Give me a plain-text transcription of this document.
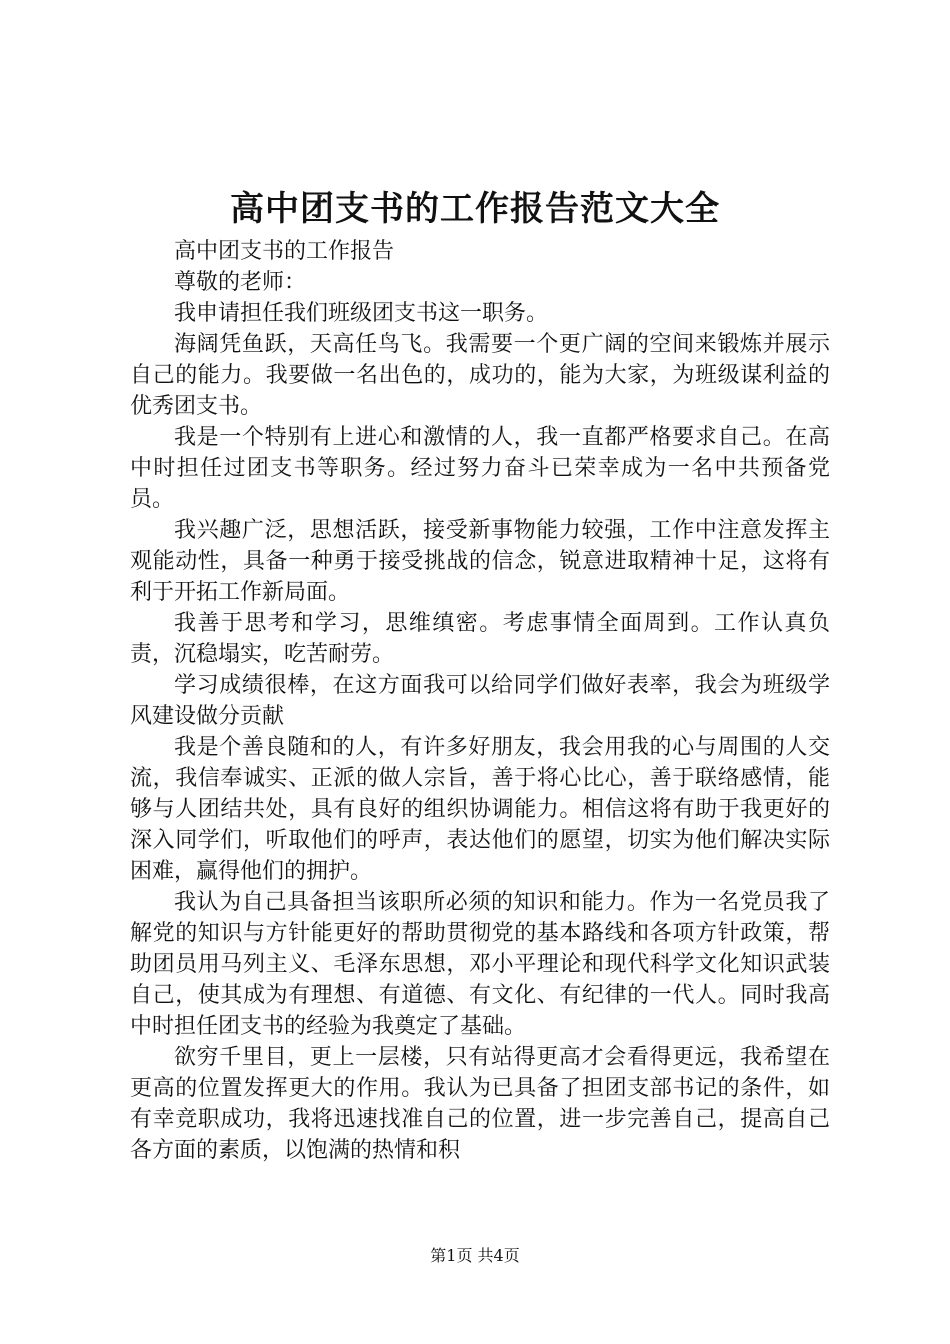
高中团支书的工作报告范文大全

高中团支书的工作报告

尊敬的老师：

我申请担任我们班级团支书这一职务。

海阔凭鱼跃，天高任鸟飞。我需要一个更广阔的空间来锻炼并展示自己的能力。我要做一名出色的，成功的，能为大家，为班级谋利益的优秀团支书。

我是一个特别有上进心和激情的人，我一直都严格要求自己。在高中时担任过团支书等职务。经过努力奋斗已荣幸成为一名中共预备党员。

我兴趣广泛，思想活跃，接受新事物能力较强，工作中注意发挥主观能动性，具备一种勇于接受挑战的信念，锐意进取精神十足，这将有利于开拓工作新局面。

我善于思考和学习，思维缜密。考虑事情全面周到。工作认真负责，沉稳塌实，吃苦耐劳。

学习成绩很棒，在这方面我可以给同学们做好表率，我会为班级学风建设做分贡献

我是个善良随和的人，有许多好朋友，我会用我的心与周围的人交流，我信奉诚实、正派的做人宗旨，善于将心比心，善于联络感情，能够与人团结共处，具有良好的组织协调能力。相信这将有助于我更好的深入同学们，听取他们的呼声，表达他们的愿望，切实为他们解决实际困难，赢得他们的拥护。

我认为自己具备担当该职所必须的知识和能力。作为一名党员我了解党的知识与方针能更好的帮助贯彻党的基本路线和各项方针政策，帮助团员用马列主义、毛泽东思想，邓小平理论和现代科学文化知识武装自己，使其成为有理想、有道德、有文化、有纪律的一代人。同时我高中时担任团支书的经验为我奠定了基础。

欲穷千里目，更上一层楼，只有站得更高才会看得更远，我希望在更高的位置发挥更大的作用。我认为已具备了担团支部书记的条件，如有幸竞职成功，我将迅速找准自己的位置，进一步完善自己，提高自己各方面的素质，以饱满的热情和积

第1页 共4页
